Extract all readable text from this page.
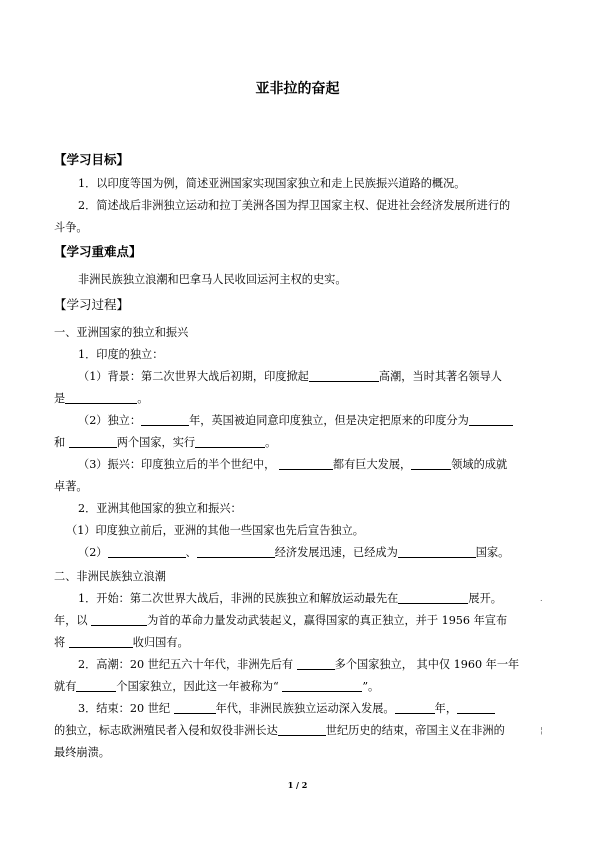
亚非拉的奋起
【学习目标】
1．以印度等国为例，简述亚洲国家实现国家独立和走上民族振兴道路的概况。
2．简述战后非洲独立运动和拉丁美洲各国为捍卫国家主权、促进社会经济发展所进行的
斗争。
【学习重难点】
非洲民族独立浪潮和巴拿马人民收回运河主权的史实。
【学习过程】
一、亚洲国家的独立和振兴
1．印度的独立：
（1）背景：第二次世界大战后初期，印度掀起	高潮，当时其著名领导人
是	。
（2）独立：	年，英国被迫同意印度独立，但是决定把原来的印度分为
和	两个国家，实行	。
（3）振兴：印度独立后的半个世纪中，	都有巨大发展，	领域的成就
卓著。
2．亚洲其他国家的独立和振兴：
（1）印度独立前后，亚洲的其他一些国家也先后宣告独立。
（2）	、	经济发展迅速，已经成为	国家。
二、非洲民族独立浪潮
1．开始：第二次世界大战后，非洲的民族独立和解放运动最先在	展开。	.
年，以	为首的革命力量发动武装起义，赢得国家的真正独立，并于 1956 年宣布
将	收归国有。
2．高潮：20 世纪五六十年代，非洲先后有	多个国家独立， 其中仅 1960 年一年
就有	个国家独立，因此这一年被称为“	”。
3．结束：20 世纪	年代，非洲民族独立运动深入发展。	年，
的独立，标志欧洲殖民者入侵和奴役非洲长达	世纪历史的结束，帝国主义在非洲的	¦
最终崩溃。
1 / 2
